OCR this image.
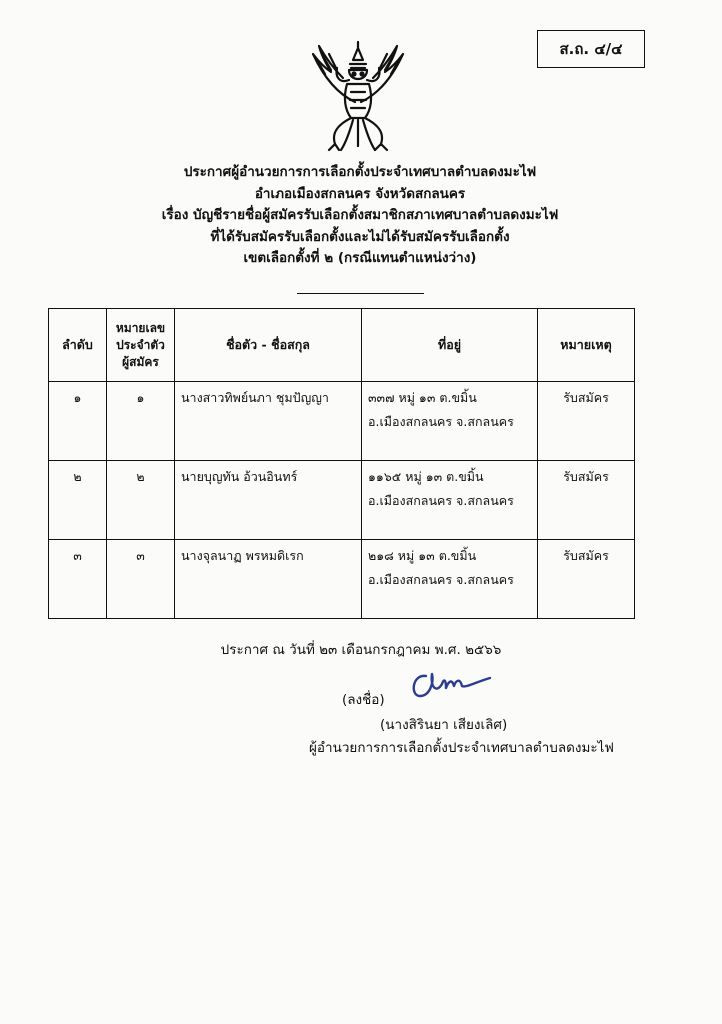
ส.ถ. ๔/๔
ประกาศผู้อำนวยการการเลือกตั้งประจำเทศบาลตำบลดงมะไฟ
อำเภอเมืองสกลนคร จังหวัดสกลนคร
เรื่อง บัญชีรายชื่อผู้สมัครรับเลือกตั้งสมาชิกสภาเทศบาลตำบลดงมะไฟ
ที่ได้รับสมัครรับเลือกตั้งและไม่ได้รับสมัครรับเลือกตั้ง
เขตเลือกตั้งที่ ๒ (กรณีแทนตำแหน่งว่าง)
ลำดับ	หมายเลข
ประจำตัว
ผู้สมัคร	ชื่อตัว - ชื่อสกุล	ที่อยู่	หมายเหตุ
๑	๑	นางสาวทิพย์นภา ชุมปัญญา	๓๓๗ หมู่ ๑๓ ต.ขมิ้น
อ.เมืองสกลนคร จ.สกลนคร	รับสมัคร
๒	๒	นายบุญทัน อ้วนอินทร์	๑๑๖๕ หมู่ ๑๓ ต.ขมิ้น
อ.เมืองสกลนคร จ.สกลนคร	รับสมัคร
๓	๓	นางจุลนาฏ พรหมดิเรก	๒๑๘ หมู่ ๑๓ ต.ขมิ้น
อ.เมืองสกลนคร จ.สกลนคร	รับสมัคร
ประกาศ ณ วันที่ ๒๓ เดือนกรกฎาคม พ.ศ. ๒๕๖๖
(ลงชื่อ)
(นางสิรินยา เสียงเลิศ)
ผู้อำนวยการการเลือกตั้งประจำเทศบาลตำบลดงมะไฟ
